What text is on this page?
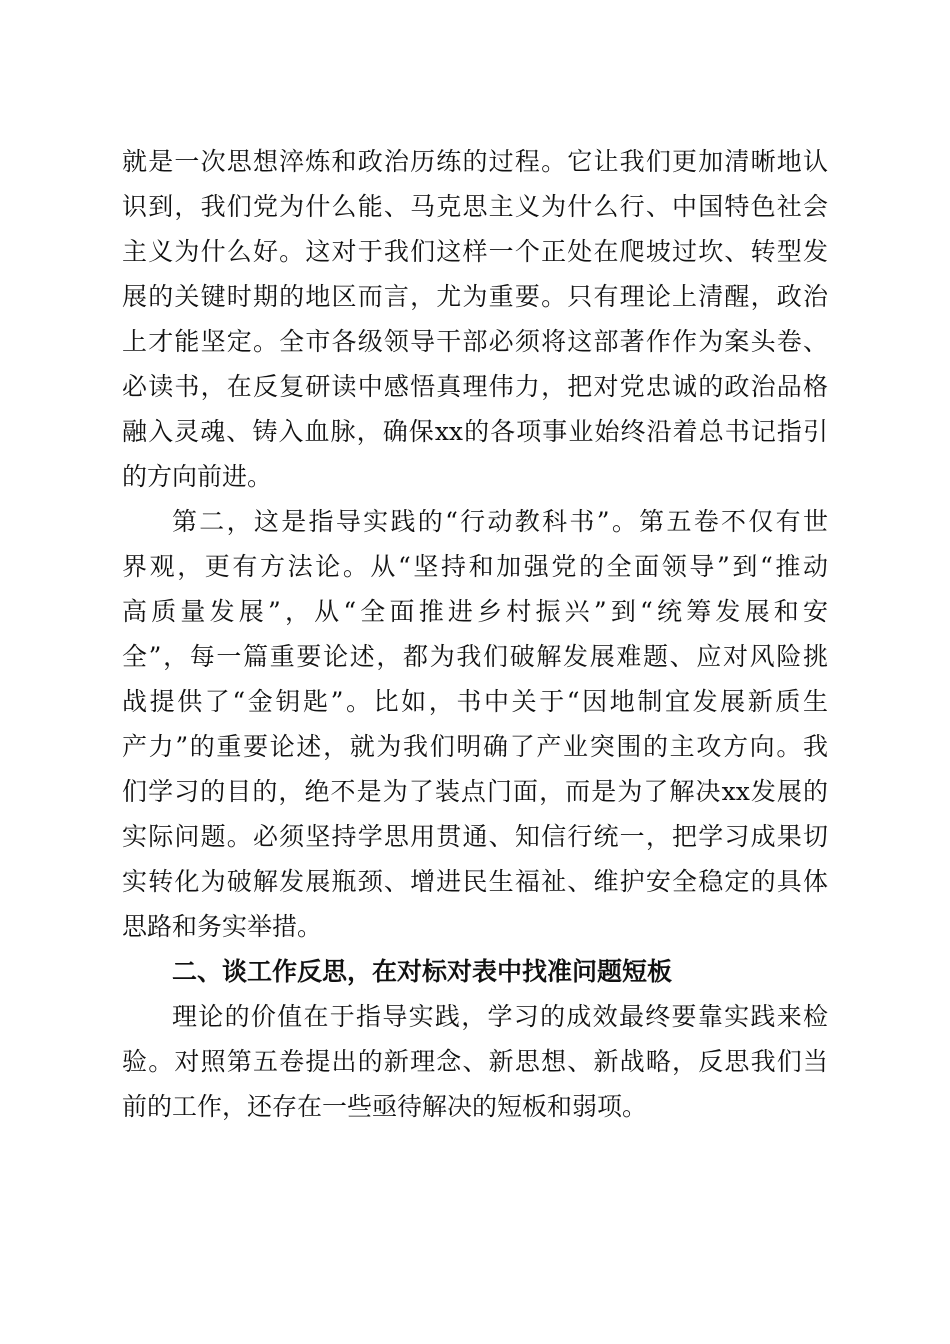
就是一次思想淬炼和政治历练的过程。它让我们更加清晰地认
识到，我们党为什么能、马克思主义为什么行、中国特色社会
主义为什么好。这对于我们这样一个正处在爬坡过坎、转型发
展的关键时期的地区而言，尤为重要。只有理论上清醒，政治
上才能坚定。全市各级领导干部必须将这部著作作为案头卷、
必读书，在反复研读中感悟真理伟力，把对党忠诚的政治品格
融入灵魂、铸入血脉，确保xx的各项事业始终沿着总书记指引
的方向前进。
第二，这是指导实践的“行动教科书”。第五卷不仅有世
界观，更有方法论。从“坚持和加强党的全面领导”到“推动
高质量发展”，从“全面推进乡村振兴”到“统筹发展和安
全”，每一篇重要论述，都为我们破解发展难题、应对风险挑
战提供了“金钥匙”。比如，书中关于“因地制宜发展新质生
产力”的重要论述，就为我们明确了产业突围的主攻方向。我
们学习的目的，绝不是为了装点门面，而是为了解决xx发展的
实际问题。必须坚持学思用贯通、知信行统一，把学习成果切
实转化为破解发展瓶颈、增进民生福祉、维护安全稳定的具体
思路和务实举措。
二、谈工作反思，在对标对表中找准问题短板
理论的价值在于指导实践，学习的成效最终要靠实践来检
验。对照第五卷提出的新理念、新思想、新战略，反思我们当
前的工作，还存在一些亟待解决的短板和弱项。
